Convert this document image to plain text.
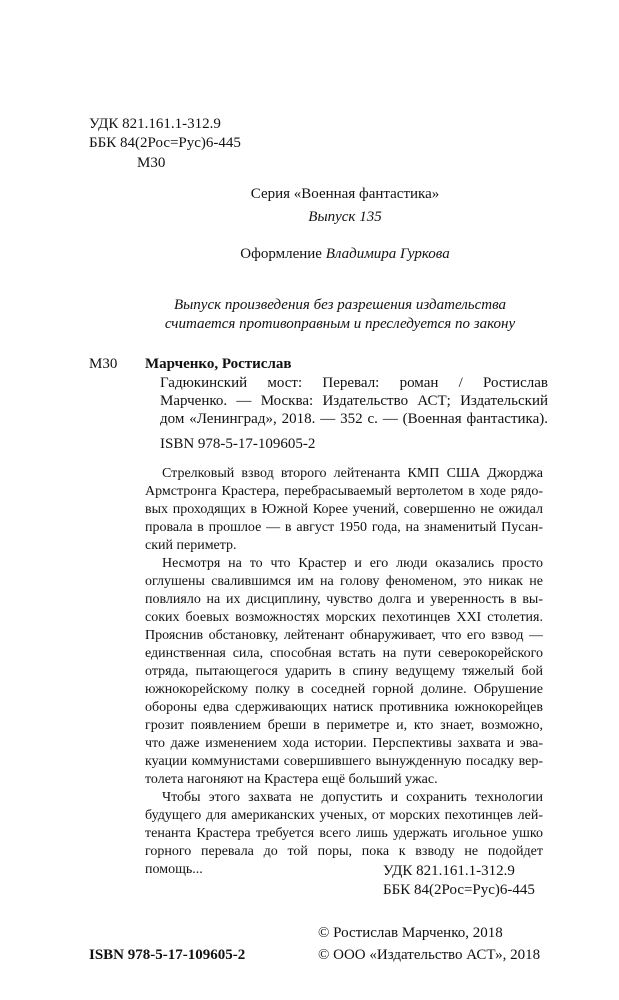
УДК 821.161.1-312.9
ББК 84(2Рос=Рус)6-445
М30
Серия «Военная фантастика»
Выпуск 135
Оформление Владимира Гуркова
Выпуск произведения без разрешения издательства
считается противоправным и преследуется по закону
М30 Марченко, Ростислав
Гадюкинский мост: Перевал: роман / Ростислав
Марченко. — Москва: Издательство АСТ; Издательский
дом «Ленинград», 2018. — 352 с. — (Военная фантастика).
ISBN 978-5-17-109605-2
Стрелковый взвод второго лейтенанта КМП США Джорджа
Армстронга Крастера, перебрасываемый вертолетом в ходе рядо-
вых проходящих в Южной Корее учений, совершенно не ожидал
провала в прошлое — в август 1950 года, на знаменитый Пусан-
ский периметр.
Несмотря на то что Крастер и его люди оказались просто
оглушены свалившимся им на голову феноменом, это никак не
повлияло на их дисциплину, чувство долга и уверенность в вы-
соких боевых возможностях морских пехотинцев XXI столетия.
Прояснив обстановку, лейтенант обнаруживает, что его взвод —
единственная сила, способная встать на пути северокорейского
отряда, пытающегося ударить в спину ведущему тяжелый бой
южнокорейскому полку в соседней горной долине. Обрушение
обороны едва сдерживающих натиск противника южнокорейцев
грозит появлением бреши в периметре и, кто знает, возможно,
что даже изменением хода истории. Перспективы захвата и эва-
куации коммунистами совершившего вынужденную посадку вер-
толета нагоняют на Крастера ещё больший ужас.
Чтобы этого захвата не допустить и сохранить технологии
будущего для американских ученых, от морских пехотинцев лей-
тенанта Крастера требуется всего лишь удержать игольное ушко
горного перевала до той поры, пока к взводу не подойдет помощь...	УДК 821.161.1-312.9
ББК 84(2Рос=Рус)6-445
ISBN 978-5-17-109605-2
© Ростислав Марченко, 2018
© ООО «Издательство АСТ», 2018
